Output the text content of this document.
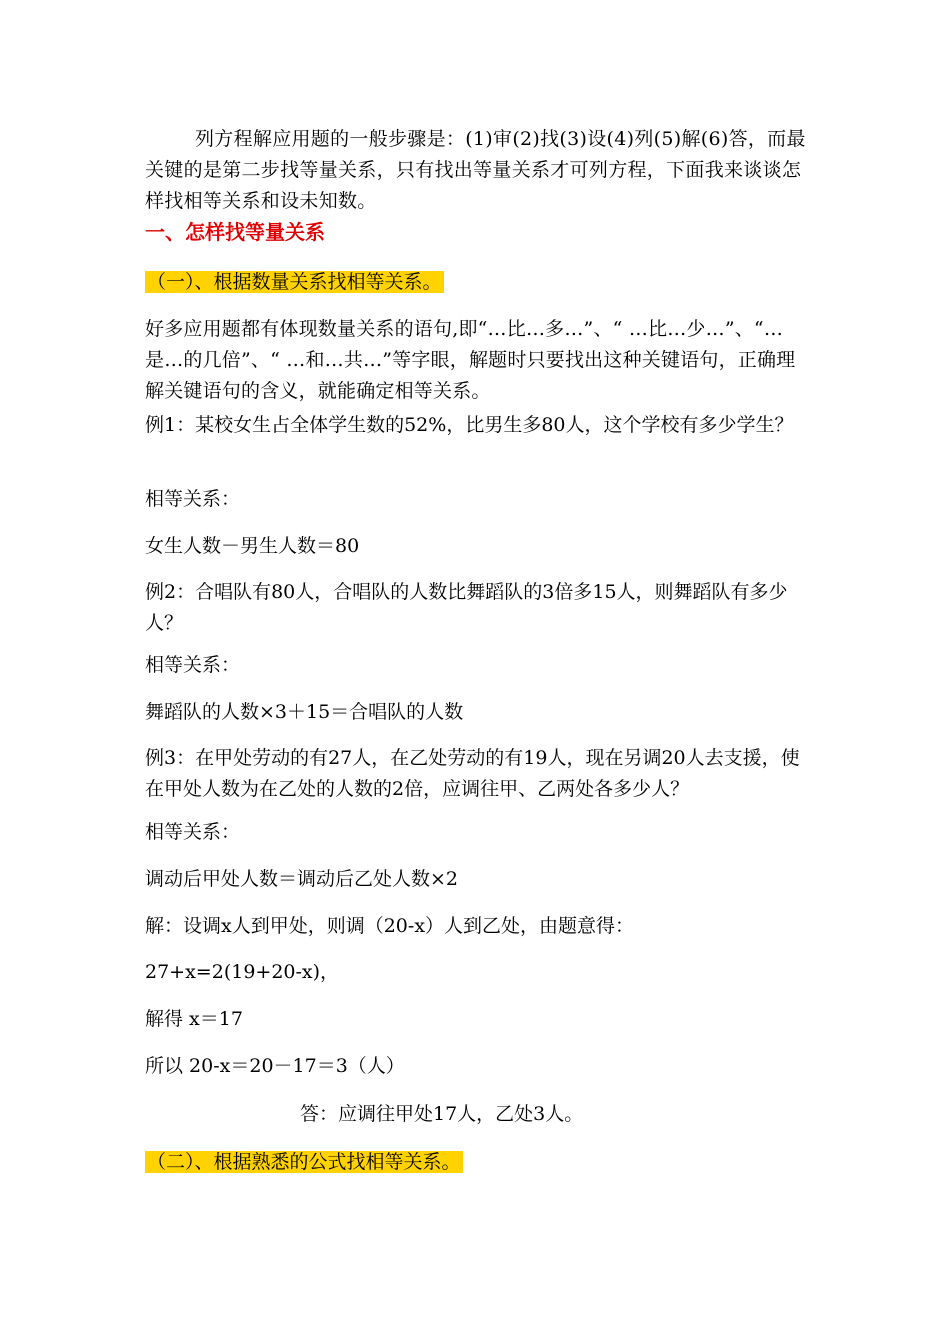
列方程解应用题的一般步骤是：(1)审(2)找(3)设(4)列(5)解(6)答，而最关键的是第二步找等量关系，只有找出等量关系才可列方程，下面我来谈谈怎样找相等关系和设未知数。

一、怎样找等量关系

（一）、根据数量关系找相等关系。

好多应用题都有体现数量关系的语句,即“…比…多…”、“ …比…少…”、“…是…的几倍”、“ …和…共…”等字眼，解题时只要找出这种关键语句，正确理解关键语句的含义，就能确定相等关系。

例1：某校女生占全体学生数的52%，比男生多80人，这个学校有多少学生？

相等关系：

女生人数－男生人数＝80

例2：合唱队有80人，合唱队的人数比舞蹈队的3倍多15人，则舞蹈队有多少人？

相等关系：

舞蹈队的人数×3＋15＝合唱队的人数

例3：在甲处劳动的有27人，在乙处劳动的有19人，现在另调20人去支援，使在甲处人数为在乙处的人数的2倍，应调往甲、乙两处各多少人？

相等关系：

调动后甲处人数＝调动后乙处人数×2

解：设调x人到甲处，则调（20-x）人到乙处，由题意得：

27+x=2(19+20-x)，

解得 x＝17

所以 20-x＝20－17＝3（人）

答：应调往甲处17人，乙处3人。

（二）、根据熟悉的公式找相等关系。
